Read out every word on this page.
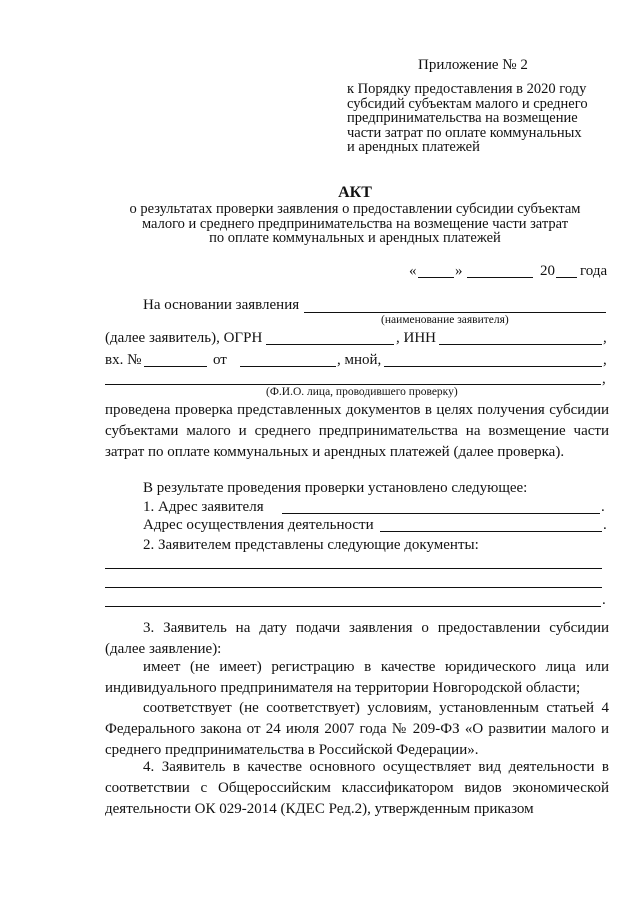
Приложение № 2
к Порядку предоставления в 2020 году
субсидий субъектам малого и среднего
предпринимательства на возмещение
части затрат по оплате коммунальных
и арендных платежей
АКТ
о результатах проверки заявления о предоставлении субсидии субъектам
малого и среднего предпринимательства на возмещение части затрат
по оплате коммунальных и арендных платежей
«	»	20 года
На основании заявления
(наименование заявителя)
(далее заявитель), ОГРН	, ИНН	,
вх. №	от	, мной,	,
,
(Ф.И.О. лица, проводившего проверку)
проведена проверка представленных документов в целях получения субсидии субъектами малого и среднего предпринимательства на возмещение части затрат по оплате коммунальных и арендных платежей (далее проверка).
В результате проведения проверки установлено следующее:
1. Адрес заявителя	.
Адрес осуществления деятельности	.
2. Заявителем представлены следующие документы:
.
3. Заявитель на дату подачи заявления о предоставлении субсидии (далее заявление):
имеет (не имеет) регистрацию в качестве юридического лица или индивидуального предпринимателя на территории Новгородской области;
соответствует (не соответствует) условиям, установленным статьей 4 Федерального закона от 24 июля 2007 года № 209-ФЗ «О развитии малого и среднего предпринимательства в Российской Федерации».
4. Заявитель в качестве основного осуществляет вид деятельности в соответствии с Общероссийским классификатором видов экономической деятельности ОК 029-2014 (КДЕС Ред.2), утвержденным приказом
